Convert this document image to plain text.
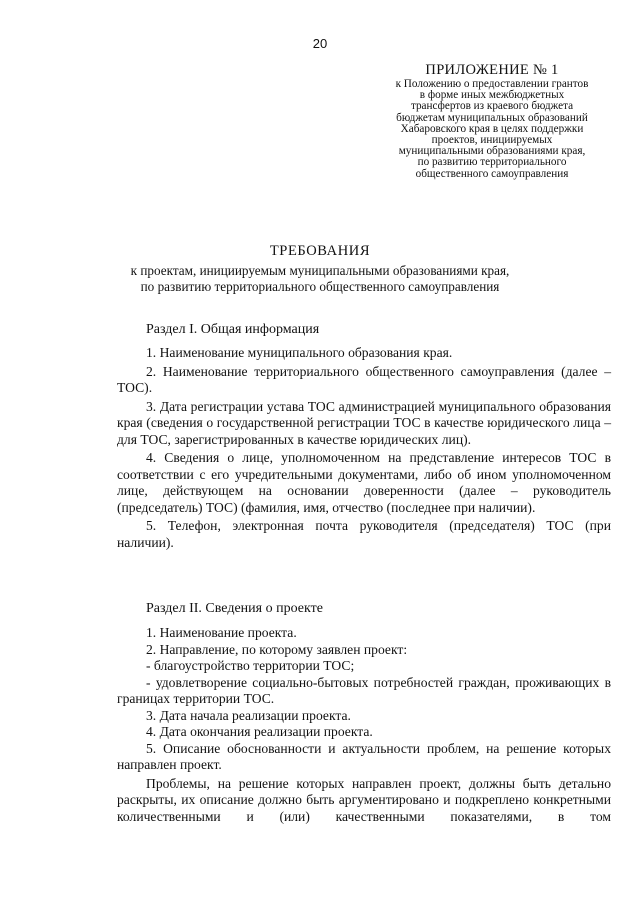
20
ПРИЛОЖЕНИЕ № 1
к Положению о предоставлении грантов
в форме иных межбюджетных
трансфертов из краевого бюджета
бюджетам муниципальных образований
Хабаровского края в целях поддержки
проектов, инициируемых
муниципальными образованиями края,
по развитию территориального
общественного самоуправления
ТРЕБОВАНИЯ
к проектам, инициируемым муниципальными образованиями края,
по развитию территориального общественного самоуправления
Раздел I. Общая информация

1. Наименование муниципального образования края.

2. Наименование территориального общественного самоуправления (далее – ТОС).

3. Дата регистрации устава ТОС администрацией муниципального образования края (сведения о государственной регистрации ТОС в качестве юридического лица – для ТОС, зарегистрированных в качестве юридических лиц).

4. Сведения о лице, уполномоченном на представление интересов ТОС в соответствии с его учредительными документами, либо об ином уполномоченном лице, действующем на основании доверенности (далее – руководитель (председатель) ТОС) (фамилия, имя, отчество (последнее при наличии).

5. Телефон, электронная почта руководителя (председателя) ТОС (при наличии).

Раздел II. Сведения о проекте

1. Наименование проекта.

2. Направление, по которому заявлен проект:

- благоустройство территории ТОС;

- удовлетворение социально-бытовых потребностей граждан, проживающих в границах территории ТОС.

3. Дата начала реализации проекта.

4. Дата окончания реализации проекта.

5. Описание обоснованности и актуальности проблем, на решение которых направлен проект.

Проблемы, на решение которых направлен проект, должны быть детально раскрыты, их описание должно быть аргументировано и подкреплено конкретными количественными и (или) качественными показателями, в том
